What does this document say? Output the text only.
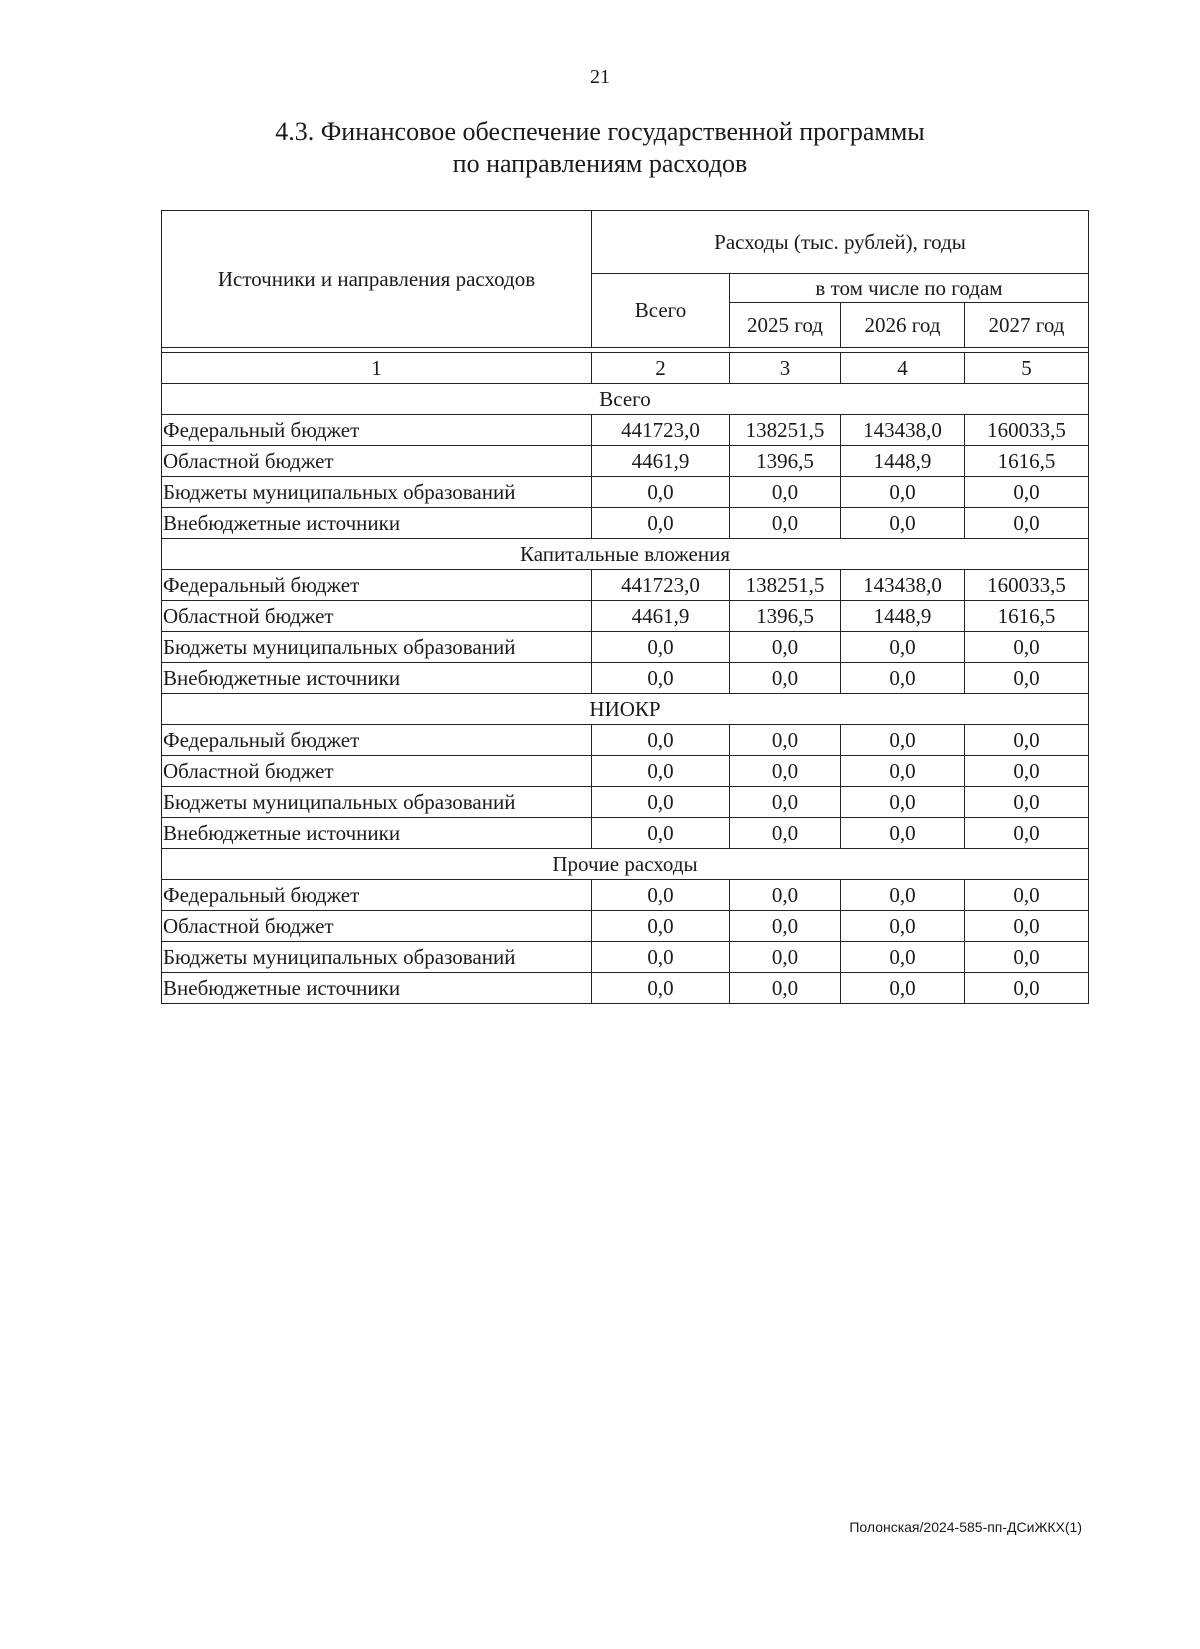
21
4.3. Финансовое обеспечение государственной программы
по направлениям расходов
Источники и направления расходов	Расходы (тыс. рублей), годы			
	Всего	в том числе по годам		
		2025 год	2026 год	2027 год

1	2	3	4	5
Всего				
Федеральный бюджет	441723,0	138251,5	143438,0	160033,5
Областной бюджет	4461,9	1396,5	1448,9	1616,5
Бюджеты муниципальных образований	0,0	0,0	0,0	0,0
Внебюджетные источники	0,0	0,0	0,0	0,0
Капитальные вложения				
Федеральный бюджет	441723,0	138251,5	143438,0	160033,5
Областной бюджет	4461,9	1396,5	1448,9	1616,5
Бюджеты муниципальных образований	0,0	0,0	0,0	0,0
Внебюджетные источники	0,0	0,0	0,0	0,0
НИОКР				
Федеральный бюджет	0,0	0,0	0,0	0,0
Областной бюджет	0,0	0,0	0,0	0,0
Бюджеты муниципальных образований	0,0	0,0	0,0	0,0
Внебюджетные источники	0,0	0,0	0,0	0,0
Прочие расходы				
Федеральный бюджет	0,0	0,0	0,0	0,0
Областной бюджет	0,0	0,0	0,0	0,0
Бюджеты муниципальных образований	0,0	0,0	0,0	0,0
Внебюджетные источники	0,0	0,0	0,0	0,0
Полонская/2024-585-пп-ДСиЖКХ(1)
